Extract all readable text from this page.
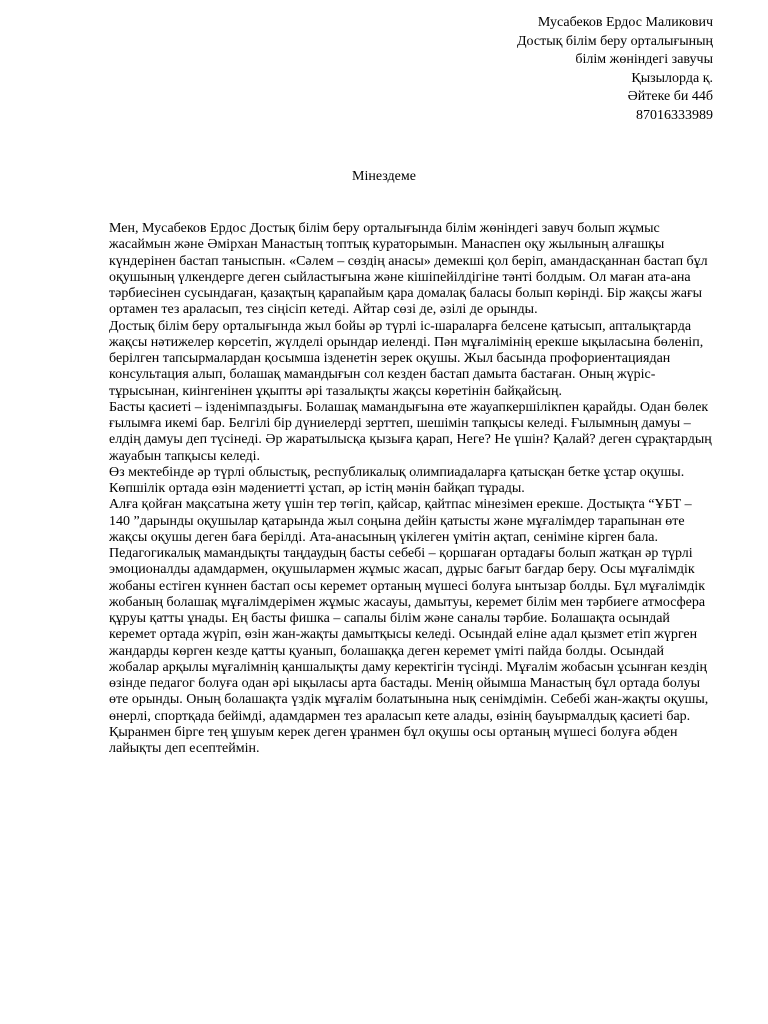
Мусабеков Ердос Маликович
Достық білім беру орталығының
білім жөніндегі завучы
Қызылорда қ.
Әйтеке би 44б
87016333989
Мінездеме

Мен, Мусабеков Ердос Достық білім беру орталығында білім жөніндегі завуч болып жұмыс жасаймын және Әмірхан Манастың топтық кураторымын. Манаспен оқу жылының алғашқы күндерінен бастап таныспын. «Сәлем – сөздің анасы» демекші қол беріп, амандасқаннан бастап бұл оқушының үлкендерге деген сыйластығына және кішіпейілдігіне тәнті болдым. Ол маған ата-ана тәрбиесінен сусындаған, қазақтың қарапайым қара домалақ баласы болып көрінді. Бір жақсы жағы ортамен тез араласып, тез сіңісіп кетеді. Айтар сөзі де, әзілі де орынды.

Достық білім беру орталығында жыл бойы әр түрлі іс-шараларға белсене қатысып, апталықтарда жақсы нәтижелер көрсетіп, жүлделі орындар иеленді. Пән мұғалімінің ерекше ықыласына бөленіп, берілген тапсырмалардан қосымша ізденетін зерек оқушы. Жыл басында профориентациядан консультация алып, болашақ мамандығын сол кезден бастап дамыта бастаған. Оның жүріс-тұрысынан, киінгенінен ұқыпты әрі тазалықты жақсы көретінін байқайсың.

Басты қасиеті – ізденімпаздығы. Болашақ мамандығына өте жауапкершілікпен қарайды. Одан бөлек ғылымға икемі бар. Белгілі бір дүниелерді зерттеп, шешімін тапқысы келеді. Ғылымның дамуы – елдің дамуы деп түсінеді. Әр жаратылысқа қызыға қарап, Неге? Не үшін? Қалай? деген сұрақтардың жауабын тапқысы келеді.

Өз мектебінде әр түрлі облыстық, республикалық олимпиадаларға қатысқан бетке ұстар оқушы. Көпшілік ортада өзін мәдениетті ұстап, әр істің мәнін байқап тұрады.

Алға қойған мақсатына жету үшін тер төгіп, қайсар, қайтпас мінезімен ерекше. Достықта “ҰБТ – 140 ”дарынды оқушылар қатарында жыл соңына дейін қатысты және мұғалімдер тарапынан өте жақсы оқушы деген баға берілді. Ата-анасының үкілеген үмітін ақтап, сеніміне кірген бала.

Педагогикалық мамандықты таңдаудың басты себебі – қоршаған ортадағы болып жатқан әр түрлі эмоционалды адамдармен, оқушылармен жұмыс жасап, дұрыс бағыт бағдар беру. Осы мұғалімдік жобаны естіген күннен бастап осы керемет ортаның мүшесі болуға ынтызар болды. Бұл мұғалімдік жобаның болашақ мұғалімдерімен жұмыс жасауы, дамытуы, керемет білім мен тәрбиеге атмосфера құруы қатты ұнады. Ең басты фишка – сапалы білім және саналы тәрбие. Болашақта осындай керемет ортада жүріп, өзін жан-жақты дамытқысы келеді. Осындай еліне адал қызмет етіп жүрген жандарды көрген кезде қатты қуанып, болашаққа деген керемет үміті пайда болды. Осындай жобалар арқылы мұғалімнің қаншалықты даму керектігін түсінді. Мұғалім жобасын ұсынған кездің өзінде педагог болуға одан әрі ықыласы арта бастады. Менің ойымша Манастың бұл ортада болуы өте орынды. Оның болашақта үздік мұғалім болатынына нық сенімдімін. Себебі жан-жақты оқушы, өнерлі, спортқада бейімді, адамдармен тез араласып кете алады, өзінің бауырмалдық қасиеті бар. Қыранмен бірге тең ұшуым керек деген ұранмен бұл оқушы осы ортаның мүшесі болуға әбден лайықты деп есептеймін.
